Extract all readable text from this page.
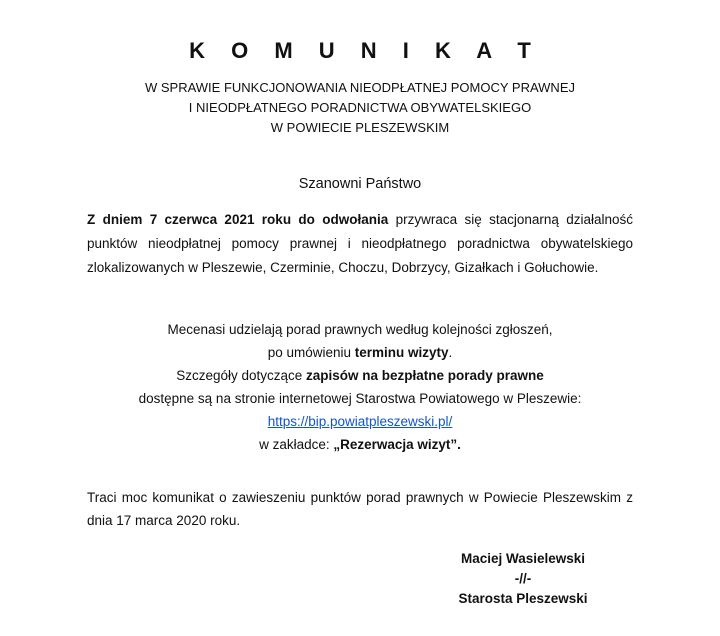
K O M U N I K A T
W SPRAWIE FUNKCJONOWANIA NIEODPŁATNEJ POMOCY PRAWNEJ
I NIEODPŁATNEGO PORADNICTWA OBYWATELSKIEGO
W POWIECIE PLESZEWSKIM
Szanowni Państwo
Z dniem 7 czerwca 2021 roku do odwołania przywraca się stacjonarną działalność punktów nieodpłatnej pomocy prawnej i nieodpłatnego poradnictwa obywatelskiego zlokalizowanych w Pleszewie, Czerminie, Choczu, Dobrzycy, Gizałkach i Gołuchowie.
Mecenasi udzielają porad prawnych według kolejności zgłoszeń,
po umówieniu terminu wizyty.
Szczegóły dotyczące zapisów na bezpłatne porady prawne
dostępne są na stronie internetowej Starostwa Powiatowego w Pleszewie:
https://bip.powiatpleszewski.pl/
w zakładce: „Rezerwacja wizyt”.
Traci moc komunikat o zawieszeniu punktów porad prawnych w Powiecie Pleszewskim z dnia 17 marca 2020 roku.
Maciej Wasielewski
-//-
Starosta Pleszewski
